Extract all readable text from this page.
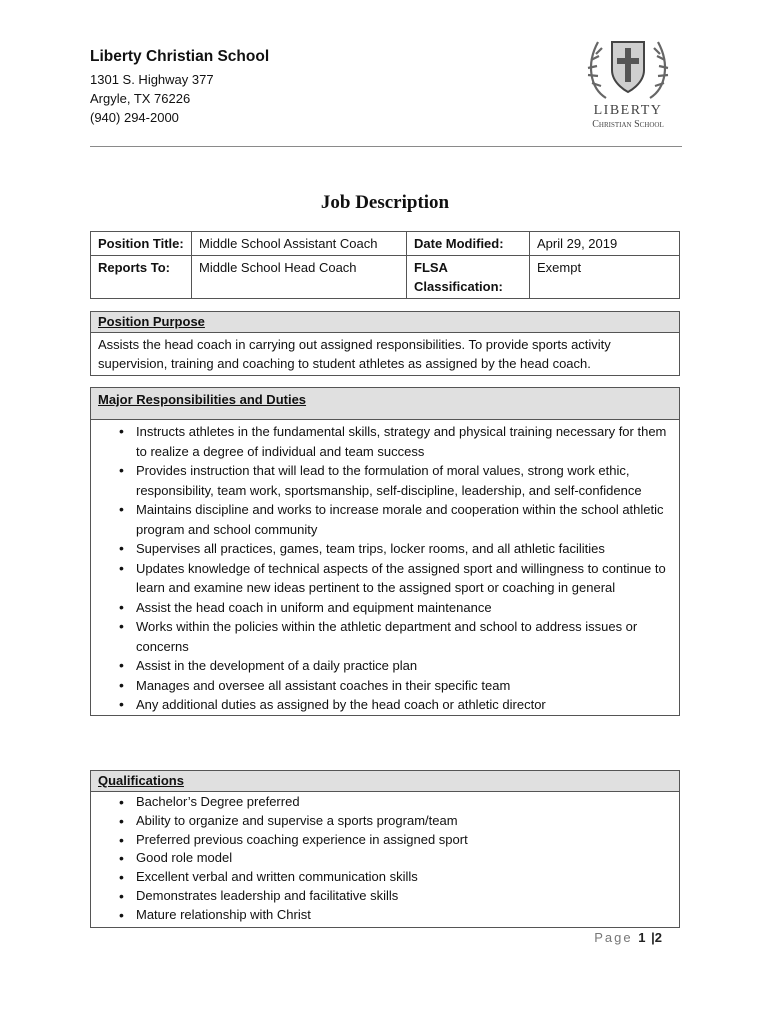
Liberty Christian School
1301 S. Highway 377
Argyle, TX 76226
(940) 294-2000	LIBERTY
Christian School
Job Description
Position Title:	Middle School Assistant Coach	Date Modified:	April 29, 2019
Reports To:	Middle School Head Coach	FLSA Classification:	Exempt
Position Purpose
Assists the head coach in carrying out assigned responsibilities. To provide sports activity supervision, training and coaching to student athletes as assigned by the head coach.
Major Responsibilities and Duties
• Instructs athletes in the fundamental skills, strategy and physical training necessary for them to realize a degree of individual and team success
• Provides instruction that will lead to the formulation of moral values, strong work ethic, responsibility, team work, sportsmanship, self-discipline, leadership, and self-confidence
• Maintains discipline and works to increase morale and cooperation within the school athletic program and school community
• Supervises all practices, games, team trips, locker rooms, and all athletic facilities
• Updates knowledge of technical aspects of the assigned sport and willingness to continue to learn and examine new ideas pertinent to the assigned sport or coaching in general
• Assist the head coach in uniform and equipment maintenance
• Works within the policies within the athletic department and school to address issues or concerns
• Assist in the development of a daily practice plan
• Manages and oversee all assistant coaches in their specific team
• Any additional duties as assigned by the head coach or athletic director
Qualifications
• Bachelor’s Degree preferred
• Ability to organize and supervise a sports program/team
• Preferred previous coaching experience in assigned sport
• Good role model
• Excellent verbal and written communication skills
• Demonstrates leadership and facilitative skills
• Mature relationship with Christ
Page 1 |2
